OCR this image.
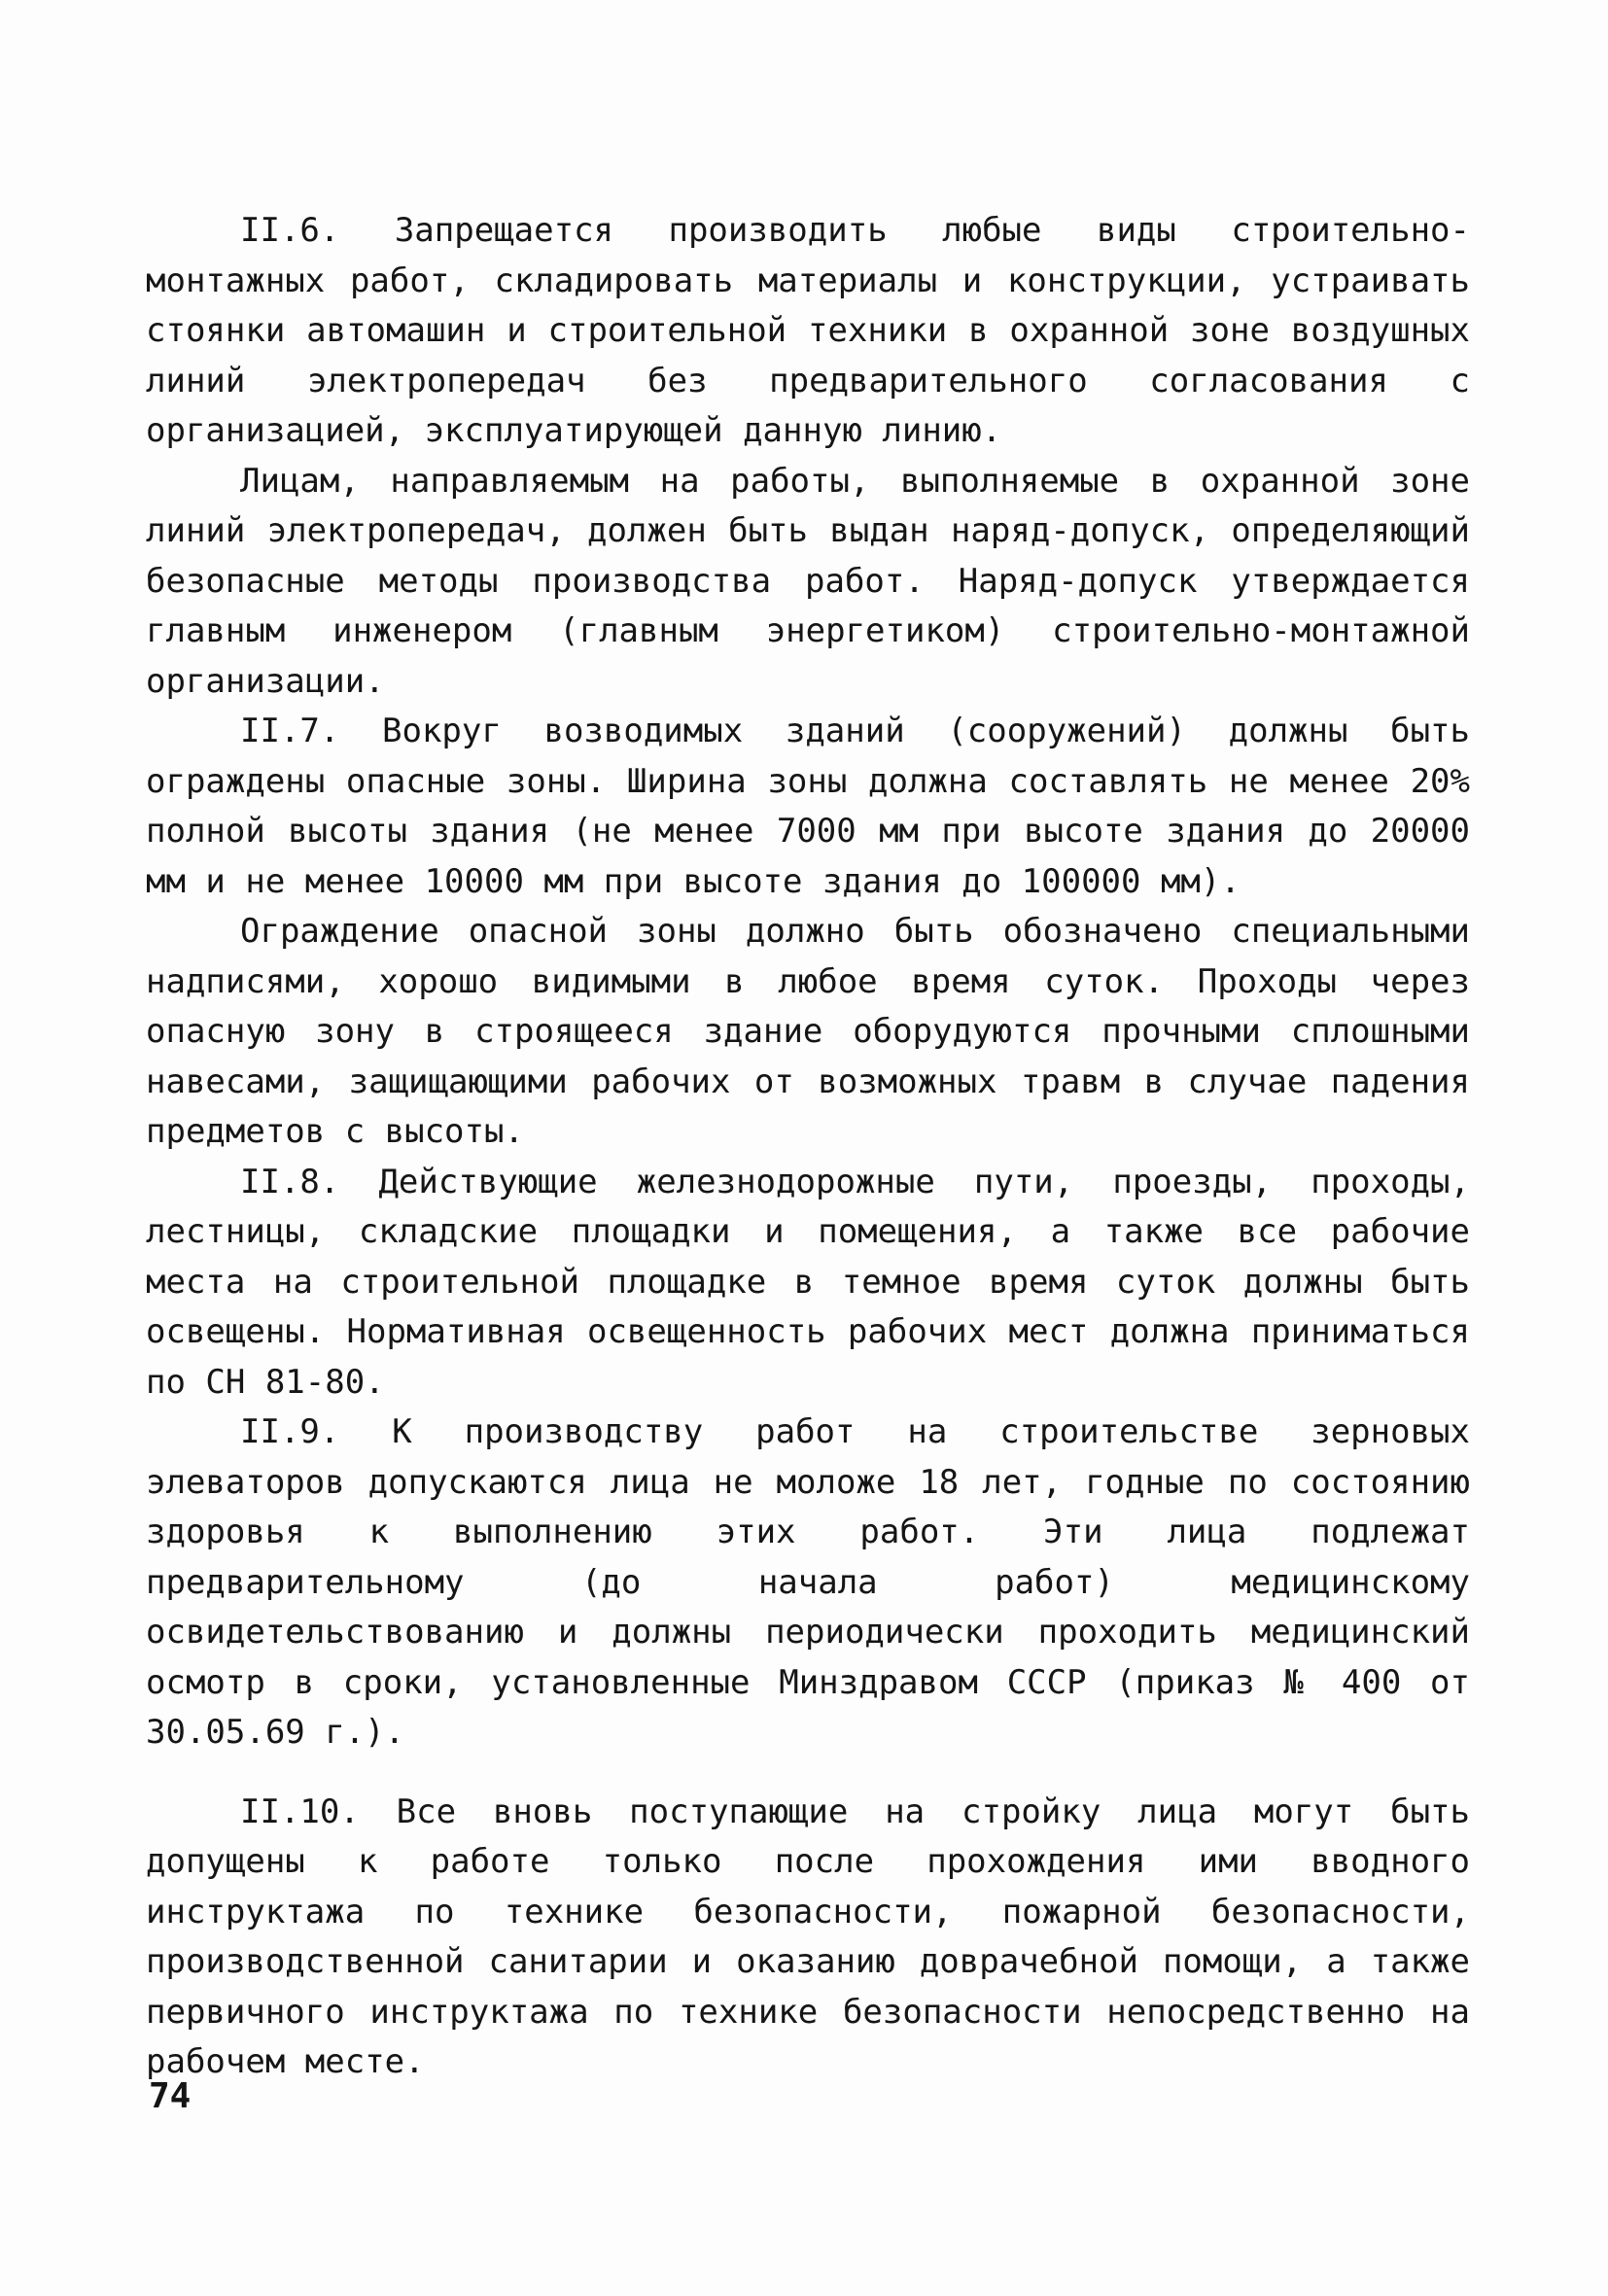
II.6. Запрещается производить любые виды строительно-монтажных работ, складировать материалы и конструкции, устраивать стоянки автомашин и строительной техники в охранной зоне воздушных линий электропередач без предварительного согласования с организацией, эксплуатирующей данную линию.

Лицам, направляемым на работы, выполняемые в охранной зоне линий электропередач, должен быть выдан наряд-допуск, определяющий безопасные методы производства работ. Наряд-допуск утверждается главным инженером (главным энергетиком) строительно-монтажной организации.

II.7. Вокруг возводимых зданий (сооружений) должны быть ограждены опасные зоны. Ширина зоны должна составлять не менее 20% полной высоты здания (не менее 7000 мм при высоте здания до 20000 мм и не менее 10000 мм при высоте здания до 100000 мм).

Ограждение опасной зоны должно быть обозначено специальными надписями, хорошо видимыми в любое время суток. Проходы через опасную зону в строящееся здание оборудуются прочными сплошными навесами, защищающими рабочих от возможных травм в случае падения предметов с высоты.

II.8. Действующие железнодорожные пути, проезды, проходы, лестницы, складские площадки и помещения, а также все рабочие места на строительной площадке в темное время суток должны быть освещены. Нормативная освещенность рабочих мест должна приниматься по СН 81-80.

II.9. К производству работ на строительстве зерновых элеваторов допускаются лица не моложе 18 лет, годные по состоянию здоровья к выполнению этих работ. Эти лица подлежат предварительному (до начала работ) медицинскому освидетельствованию и должны периодически проходить медицинский осмотр в сроки, установленные Минздравом СССР (приказ № 400 от 30.05.69 г.).

II.10. Все вновь поступающие на стройку лица могут быть допущены к работе только после прохождения ими вводного инструктажа по технике безопасности, пожарной безопасности, производственной санитарии и оказанию доврачебной помощи, а также первичного инструктажа по технике безопасности непосредственно на рабочем месте.

74
